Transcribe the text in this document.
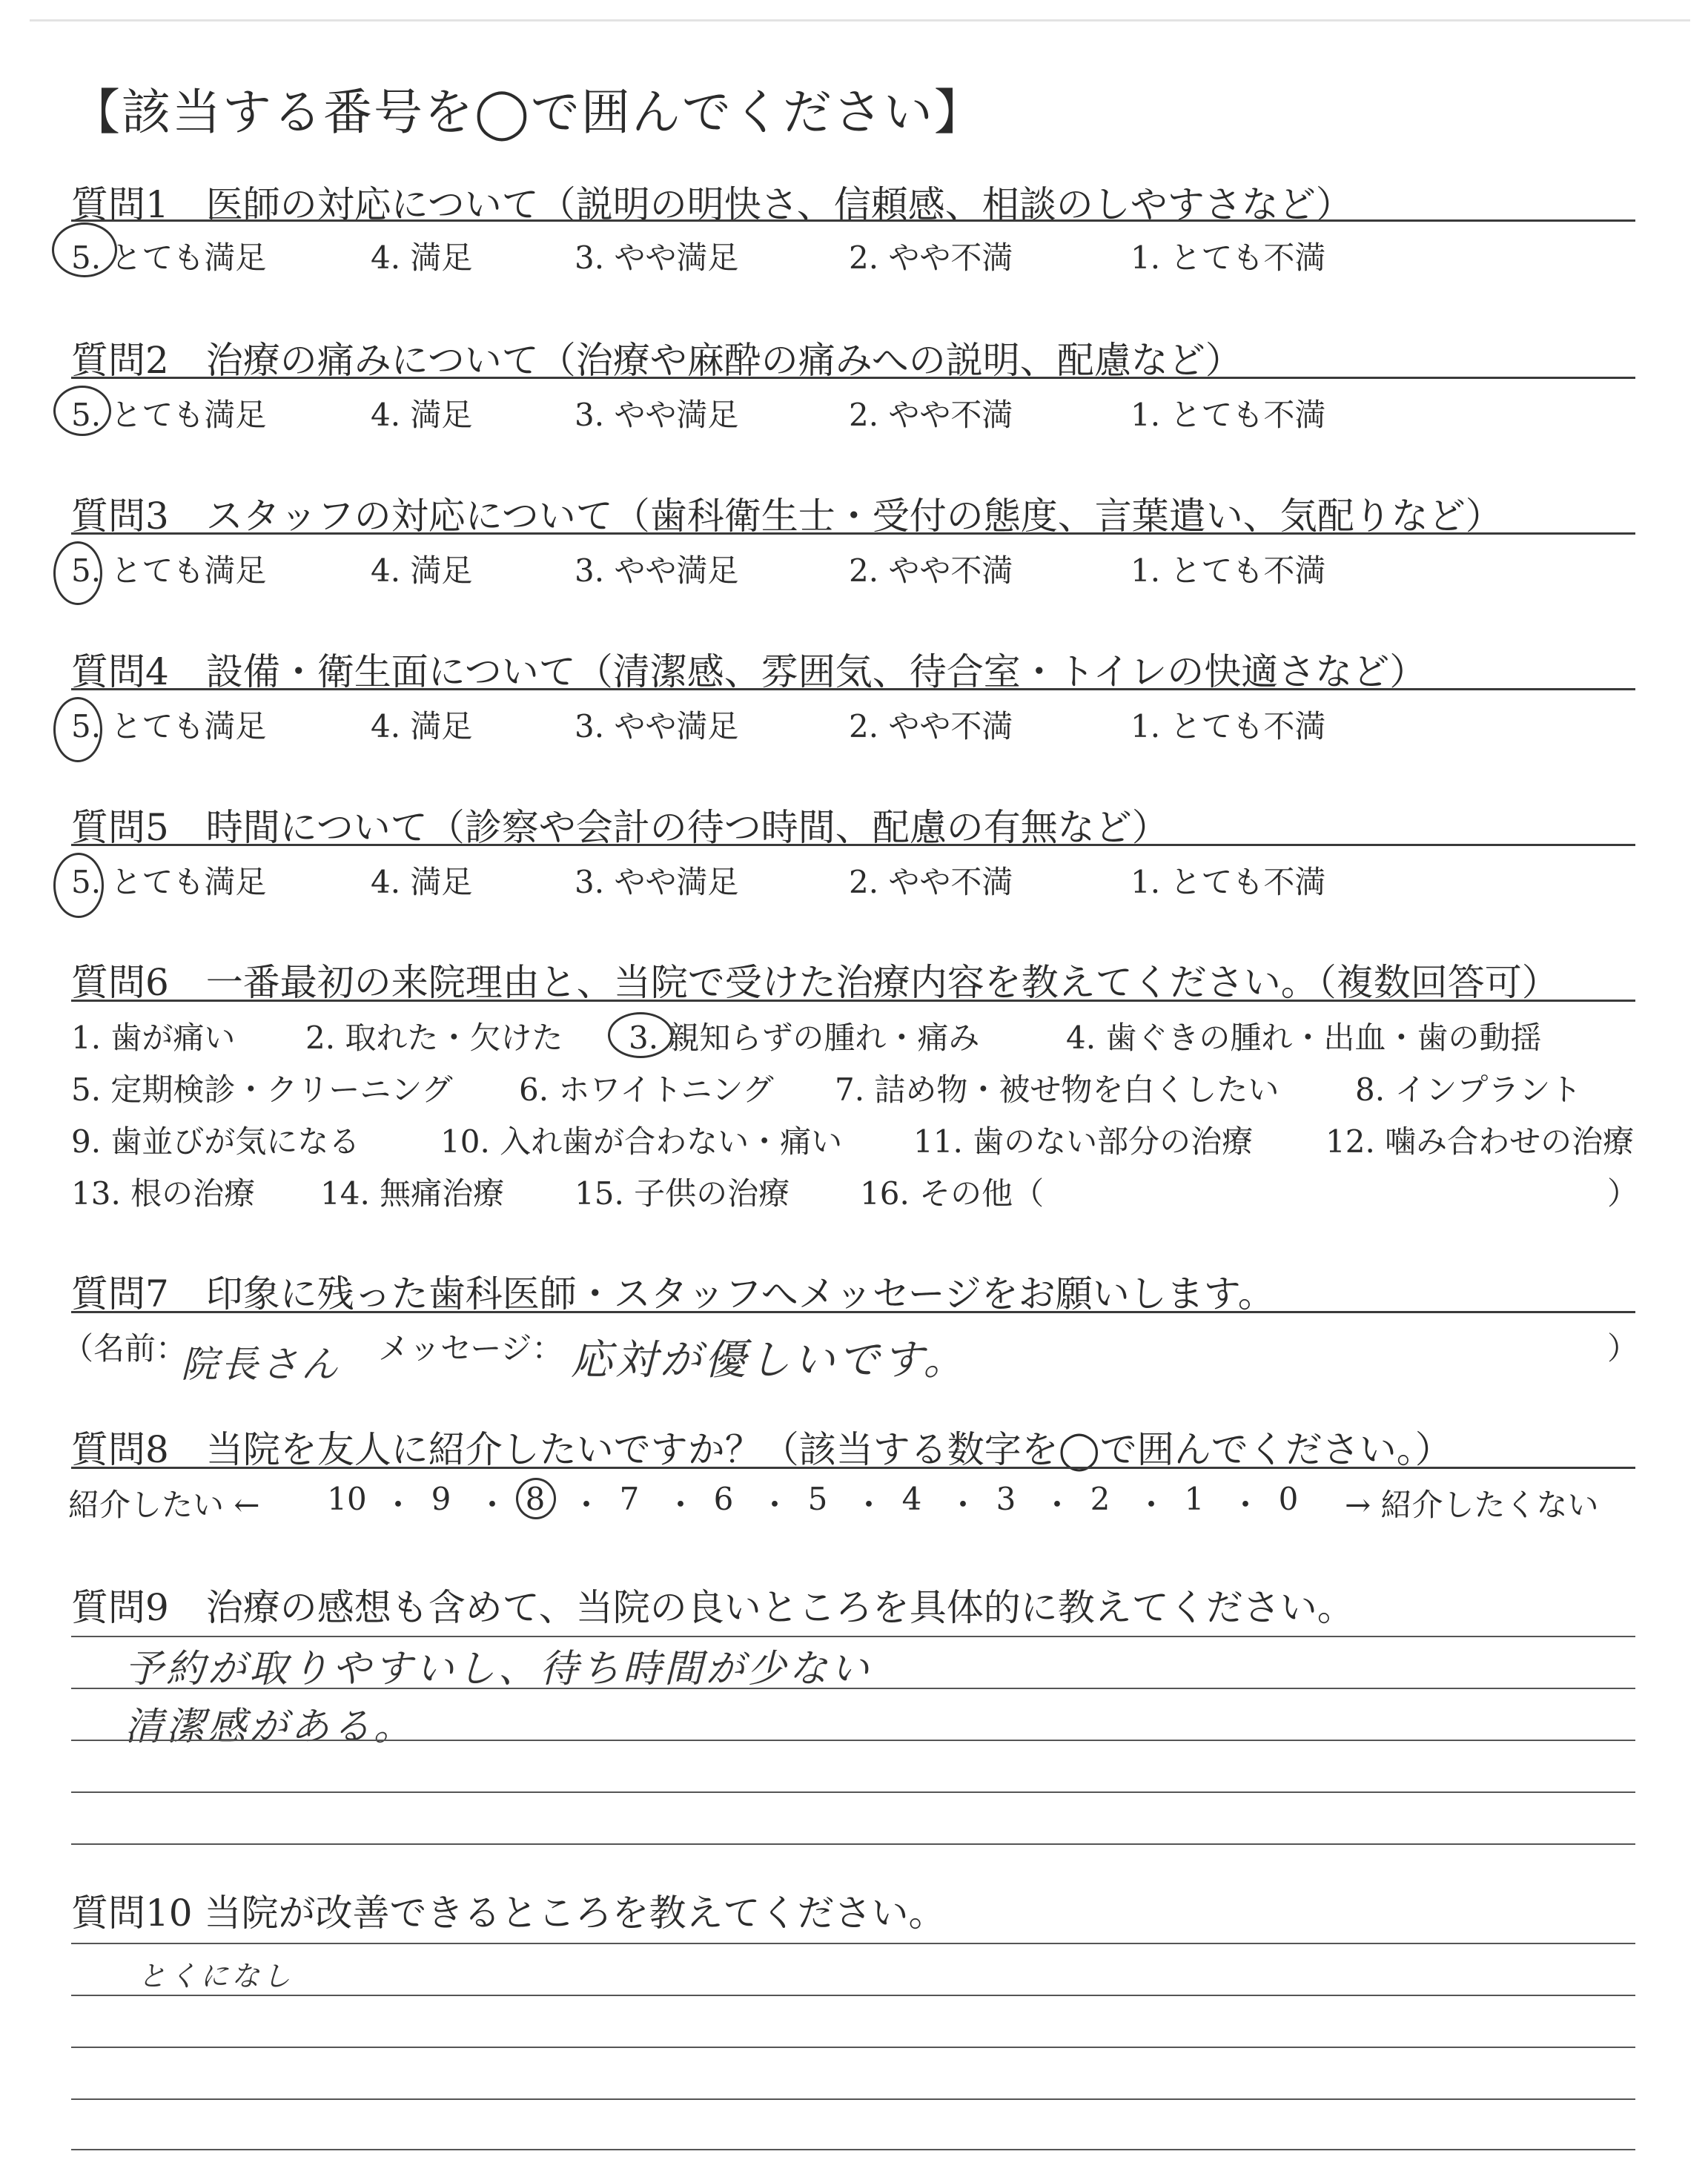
【該当する番号を◯で囲んでください】
質問1　医師の対応について（説明の明快さ、信頼感、相談のしやすさなど）
5. とても満足	4. 満足	3. やや満足	2. やや不満	1. とても不満
質問2　治療の痛みについて（治療や麻酔の痛みへの説明、配慮など）
5. とても満足	4. 満足	3. やや満足	2. やや不満	1. とても不満
質問3　スタッフの対応について（歯科衛生士・受付の態度、言葉遣い、気配りなど）
5. とても満足	4. 満足	3. やや満足	2. やや不満	1. とても不満
質問4　設備・衛生面について（清潔感、雰囲気、待合室・トイレの快適さなど）
5. とても満足	4. 満足	3. やや満足	2. やや不満	1. とても不満
質問5　時間について（診察や会計の待つ時間、配慮の有無など）
5. とても満足	4. 満足	3. やや満足	2. やや不満	1. とても不満
質問6　一番最初の来院理由と、当院で受けた治療内容を教えてください。（複数回答可）
1. 歯が痛い 2. 取れた・欠けた 3. 親知らずの腫れ・痛み	4. 歯ぐきの腫れ・出血・歯の動揺
5. 定期検診・クリーニング 6. ホワイトニング 7. 詰め物・被せ物を白くしたい 8. インプラント
9. 歯並びが気になる	10. 入れ歯が合わない・痛い 11. 歯のない部分の治療 12. 噛み合わせの治療
13. 根の治療 14. 無痛治療 15. 子供の治療 16. その他（	）
質問7　印象に残った歯科医師・スタッフへメッセージをお願いします。
（名前：
院長さん メッセージ： 応対が優しいです。	）
質問8　当院を友人に紹介したいですか？（該当する数字を◯で囲んでください。）
紹介したい ← 10 ・ 9 ・ 8 ・ 7 ・ 6 ・ 5 ・ 4 ・ 3 ・ 2 ・ 1 ・ 0	→ 紹介したくない
質問9　治療の感想も含めて、当院の良いところを具体的に教えてください。
予約が取りやすいし、待ち時間が少ない
清潔感がある。
質問10 当院が改善できるところを教えてください。
とくになし
